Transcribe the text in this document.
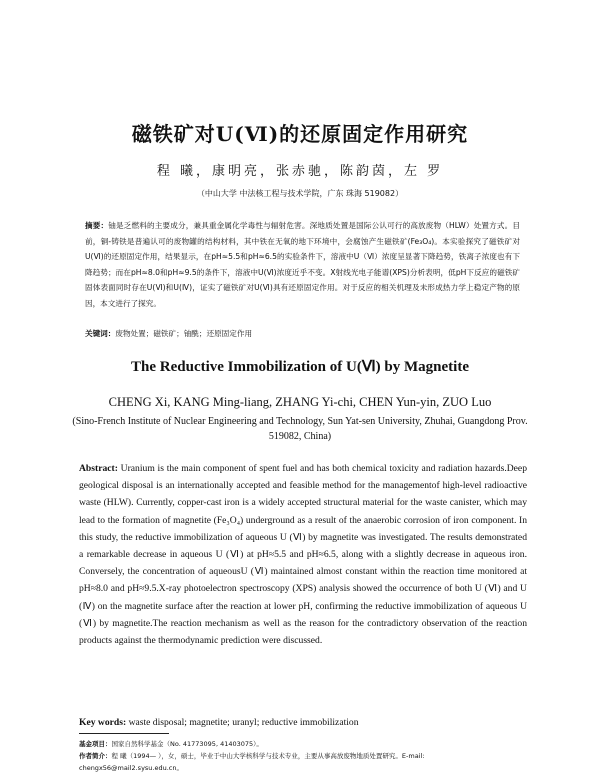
磁铁矿对U(Ⅵ)的还原固定作用研究
程 曦，康明亮，张赤驰，陈韵茵，左 罗
（中山大学 中法核工程与技术学院，广东 珠海 519082）
摘要：铀是乏燃料的主要成分，兼具重金属化学毒性与辐射危害。深地质处置是国际公认可行的高放废物（HLW）处置方式。目前，铜-铸铁是普遍认可的废物罐的结构材料，其中铁在无氧的地下环境中，会腐蚀产生磁铁矿(Fe₃O₄)。本实验探究了磁铁矿对U(Ⅵ)的还原固定作用，结果显示，在pH≈5.5和pH≈6.5的实验条件下，溶液中U（Ⅵ）浓度呈显著下降趋势，铁离子浓度也有下降趋势；而在pH≈8.0和pH≈9.5的条件下，溶液中U(Ⅵ)浓度近乎不变。X射线光电子能谱(XPS)分析表明，低pH下反应的磁铁矿固体表面同时存在U(Ⅵ)和U(Ⅳ)，证实了磁铁矿对U(Ⅵ)具有还原固定作用。对于反应的相关机理及未形成热力学上稳定产物的原因，本文进行了探究。
关键词：废物处置；磁铁矿；铀酰；还原固定作用
The Reductive Immobilization of U(Ⅵ) by Magnetite
CHENG Xi, KANG Ming-liang, ZHANG Yi-chi, CHEN Yun-yin, ZUO Luo
(Sino-French Institute of Nuclear Engineering and Technology, Sun Yat-sen University, Zhuhai, Guangdong Prov. 519082, China)
Abstract: Uranium is the main component of spent fuel and has both chemical toxicity and radiation hazards.Deep geological disposal is an internationally accepted and feasible method for the managementof high-level radioactive waste (HLW). Currently, copper-cast iron is a widely accepted structural material for the waste canister, which may lead to the formation of magnetite (Fe₃O₄) underground as a result of the anaerobic corrosion of iron component. In this study, the reductive immobilization of aqueous U (Ⅵ) by magnetite was investigated. The results demonstrated a remarkable decrease in aqueous U (Ⅵ) at pH≈5.5 and pH≈6.5, along with a slightly decrease in aqueous iron. Conversely, the concentration of aqueousU (Ⅵ) maintained almost constant within the reaction time monitored at pH≈8.0 and pH≈9.5.X-ray photoelectron spectroscopy (XPS) analysis showed the occurrence of both U (Ⅵ) and U (Ⅳ) on the magnetite surface after the reaction at lower pH, confirming the reductive immobilization of aqueous U (Ⅵ) by magnetite.The reaction mechanism as well as the reason for the contradictory observation of the reaction products against the thermodynamic prediction were discussed.
Key words: waste disposal; magnetite; uranyl; reductive immobilization
基金项目：国家自然科学基金（No. 41773095, 41403075）。
作者简介：程 曦（1994— ），女，硕士，毕业于中山大学核科学与技术专业，主要从事高放废物地质处置研究。E-mail: chengx56@mail2.sysu.edu.cn。
